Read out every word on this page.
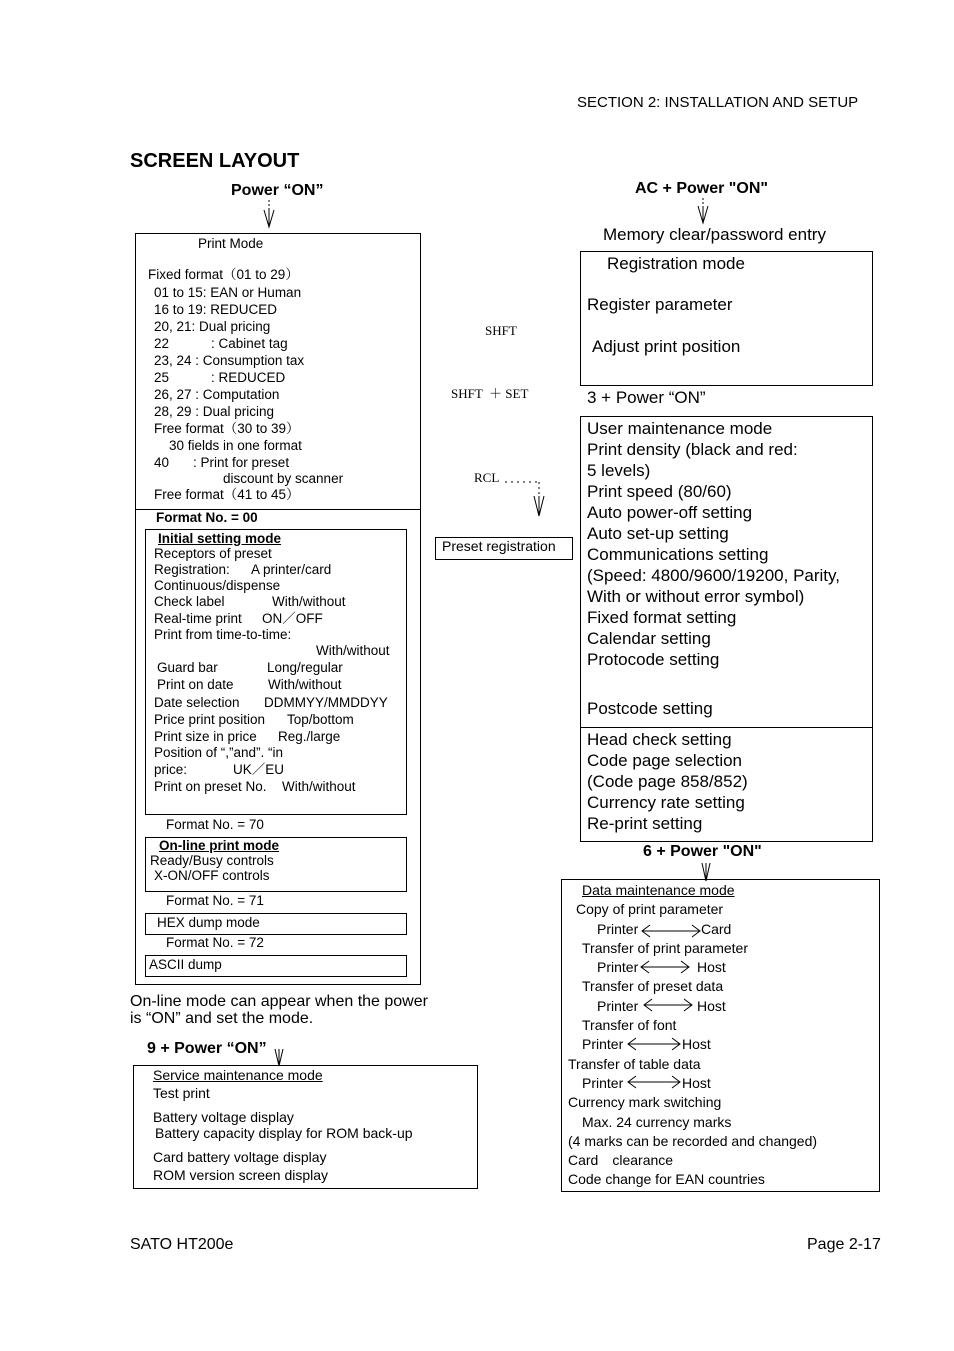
SECTION 2: INSTALLATION AND SETUP
SCREEN LAYOUT
Power “ON”
Print Mode
Fixed format（01 to 29）
01 to 15: EAN or Human
16 to 19: REDUCED
20, 21: Dual pricing
22	: Cabinet tag
23, 24 : Consumption tax
25	: REDUCED
26, 27 : Computation
28, 29 : Dual pricing
Free format（30 to 39）
30 fields in one format
40 : Print for preset
discount by scanner
Free format（41 to 45）
Format No. = 00
Initial setting mode
Receptors of preset
Registration: A printer/card
Continuous/dispense
Check label	With/without
Real-time print ON／OFF
Print from time-to-time:
With/without
Guard bar	Long/regular
Print on date	With/without
Date selection DDMMYY/MMDDYY
Price print position Top/bottom
Print size in price Reg./large
Position of “,”and”. “in
price:	UK／EU
Print on preset No. With/without
Format No. = 70
On-line print mode
Ready/Busy controls
X-ON/OFF controls
Format No. = 71
HEX dump mode
Format No. = 72
ASCII dump
On-line mode can appear when the power
is “ON” and set the mode.
9 + Power “ON”
Service maintenance mode
Test print
Battery voltage display
Battery capacity display for ROM back-up
Card battery voltage display
ROM version screen display
SHFT
SHFT  ＋ SET
RCL
Preset registration
AC + Power "ON"
Memory clear/password entry
Registration mode
Register parameter
Adjust print position
3 + Power “ON”
User maintenance mode
Print density (black and red:
5 levels)
Print speed (80/60)
Auto power-off setting
Auto set-up setting
Communications setting
(Speed: 4800/9600/19200, Parity,
With or without error symbol)
Fixed format setting
Calendar setting
Protocode setting
Postcode setting
Head check setting
Code page selection
(Code page 858/852)
Currency rate setting
Re-print setting
6 + Power "ON"
Data maintenance mode
Copy of print parameter
Printer	Card
Transfer of print parameter
Printer	Host
Transfer of preset data
Printer	Host
Transfer of font
Printer	Host
Transfer of table data
Printer	Host
Currency mark switching
Max. 24 currency marks
(4 marks can be recorded and changed)
Card clearance
Code change for EAN countries
SATO HT200e	Page 2-17
